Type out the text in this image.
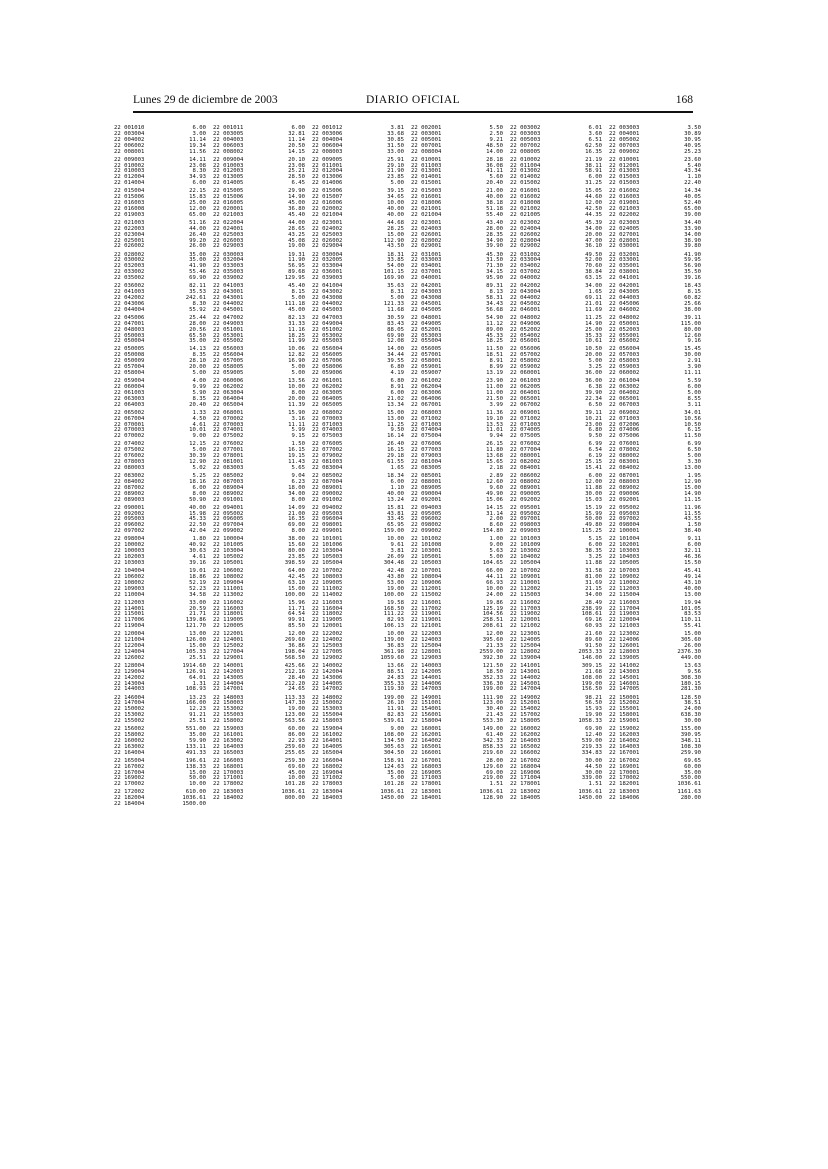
Lunes 29 de diciembre de 2003	DIARIO OFICIAL	168
22 001010	6.00
22 003004	3.00
22 004002	11.14
22 006002	19.34
22 008001	11.56
22 009003	14.11
22 010002	23.08
22 010003	8.30
22 012004	34.93
22 014004	6.00
22 015004	22.15
22 015006	15.83
22 016003	25.00
22 016008	12.00
22 019003	65.00
22 021003	51.16
22 022003	44.00
22 023004	26.40
22 025001	99.20
22 026002	26.00
22 028002	35.00
22 030002	35.00
22 032003	41.90
22 033002	55.46
22 035002	69.90
22 036002	82.11
22 041003	35.53
22 042002	242.61
22 043006	8.30
22 044004	55.92
22 045006	25.44
22 047001	28.00
22 048003	20.56
22 050003	65.50
22 050004	35.00
22 050005	14.13
22 050008	8.35
22 050009	28.10
22 057004	20.00
22 058004	5.00
22 059004	4.00
22 060004	9.99
22 061003	5.90
22 063003	8.35
22 064003	20.40
22 065002	1.33
22 067004	4.50
22 070001	4.61
22 070003	10.01
22 070002	9.00
22 074002	12.15
22 075002	5.00
22 076002	30.39
22 078003	12.90
22 080003	5.02
22 083002	5.25
22 084002	18.16
22 087002	6.00
22 089002	8.00
22 089003	50.90
22 090001	40.00
22 092002	15.98
22 095003	45.33
22 096002	22.50
22 097002	42.04
22 098004	1.80
22 100002	40.92
22 100003	30.63
22 102003	4.61
22 103003	39.16
22 104004	19.01
22 106002	18.86
22 108002	52.19
22 109003	52.23
22 110004	34.58
22 112003	33.00
22 114001	20.59
22 115001	21.71
22 117006	139.86
22 119004	121.70
22 120004	13.00
22 121004	126.00
22 122004	15.00
22 124004	105.33
22 126002	25.51
22 128004	1914.60
22 129004	126.91
22 142002	64.01
22 143004	1.31
22 144003	108.93
22 146004	13.23
22 147004	166.00
22 150002	12.23
22 153002	91.21
22 155002	25.51
22 156002	551.00
22 158002	35.00
22 160002	59.90
22 163002	133.11
22 164004	491.33
22 165004	196.61
22 167002	138.33
22 167004	15.00
22 169002	50.00
22 170002	10.00
22 172002	610.00
22 182004	1036.61
22 184004	1500.00
22 001011	6.00
22 003005	32.81
22 004003	11.14
22 006003	20.50
22 008002	14.15
22 009004	20.10
22 010003	23.08
22 012003	25.21
22 013005	28.50
22 014005	6.45
22 015005	29.90
22 015006	14.90
22 016005	45.00
22 020001	36.80
22 021003	45.40
22 022004	44.00
22 024001	28.65
22 025003	43.25
22 026003	45.08
22 029003	19.00
22 030003	19.31
22 032004	11.90
22 033003	56.95
22 035003	89.68
22 039002	129.95
22 041003	45.40
22 043001	8.15
22 043001	5.00
22 044002	111.18
22 045001	45.00
22 047002	82.13
22 049003	31.33
22 051001	11.16
22 053001	18.25
22 055002	11.99
22 056003	10.06
22 056004	12.82
22 057005	16.90
22 058005	5.00
22 059005	5.00
22 060006	13.56
22 062002	10.00
22 063004	8.00
22 064004	20.00
22 065004	11.39
22 068001	15.90
22 070002	3.16
22 070003	11.11
22 074001	5.99
22 075002	9.15
22 076002	1.50
22 077001	16.15
22 078001	19.15
22 081001	11.43
22 083003	5.65
22 085002	9.04
22 087003	6.23
22 089004	18.00
22 089002	34.00
22 091001	8.00
22 094001	14.09
22 095002	21.00
22 096005	16.35
22 097004	69.00
22 099002	8.00
22 100004	38.00
22 101005	15.60
22 103004	80.00
22 105002	23.85
22 105001	398.59
22 106002	64.00
22 108002	42.45
22 109004	63.10
22 111001	15.00
22 113002	100.00
22 116002	15.96
22 116003	11.71
22 118001	64.54
22 119005	99.91
22 120005	85.50
22 122001	12.00
22 124001	269.60
22 125002	36.86
22 127004	198.04
22 129001	568.50
22 140001	425.66
22 142003	212.16
22 143005	28.40
22 144004	212.20
22 147001	24.65
22 148003	113.33
22 150003	147.30
22 153002	19.00
22 155003	123.00
22 158002	563.56
22 159003	60.00
22 161001	86.00
22 163002	22.93
22 164003	259.60
22 165003	255.65
22 166003	259.30
22 168001	69.60
22 170003	45.00
22 171001	10.00
22 178002	101.28
22 183003	1036.61
22 184002	800.00
22 001012	3.81
22 003006	33.68
22 004004	30.85
22 006004	31.50
22 008003	33.00
22 009005	25.91
22 011001	29.10
22 012004	21.90
22 013006	23.85
22 014006	5.00
22 015006	39.15
22 015007	34.65
22 016006	10.00
22 020002	40.00
22 021004	40.00
22 023001	44.68
22 024002	28.25
22 025003	15.00
22 026002	112.90
22 029004	43.50
22 030004	18.31
22 032005	33.85
22 033004	54.00
22 036001	101.15
22 039003	169.90
22 041004	35.63
22 043002	8.31
22 043008	5.00
22 044002	121.33
22 045003	11.68
22 047003	30.59
22 049004	83.43
22 051002	88.05
22 053002	69.90
22 055003	12.08
22 056004	14.00
22 056005	34.44
22 057006	39.55
22 058006	6.80
22 059006	4.19
22 061001	6.80
22 062002	8.91
22 063005	6.00
22 064005	21.02
22 065005	13.34
22 068002	15.00
22 070003	13.00
22 071003	11.25
22 074003	9.50
22 075003	16.14
22 076005	26.40
22 077002	16.15
22 079002	29.18
22 081003	61.55
22 083004	1.65
22 085002	18.34
22 087004	6.00
22 089001	1.10
22 090002	40.00
22 091002	13.24
22 094002	15.81
22 095003	43.81
22 096004	33.45
22 098001	65.95
22 099001	159.00
22 101001	10.00
22 101006	9.61
22 103004	3.81
22 105003	26.09
22 105004	304.48
22 107002	42.48
22 108003	43.80
22 109005	53.00
22 111002	19.00
22 114002	100.00
22 116003	19.58
22 116004	168.50
22 118002	111.22
22 119005	82.93
22 120001	106.13
22 122002	10.00
22 124002	139.00
22 125003	36.83
22 127005	361.98
22 129002	1059.60
22 140002	13.66
22 142004	88.51
22 143006	24.83
22 144005	355.33
22 147002	119.30
22 148002	199.00
22 150002	26.10
22 153003	11.91
22 155004	82.83
22 158003	539.61
22 159004	9.00
22 161002	108.00
22 164001	134.50
22 164005	305.63
22 165004	304.50
22 166004	158.91
22 168002	124.63
22 169004	35.00
22 171002	5.00
22 178003	101.28
22 183004	1036.61
22 184003	1450.00
22 002001	5.50
22 003001	2.50
22 005001	9.21
22 007001	48.50
22 008004	14.00
22 010001	28.18
22 011003	36.08
22 013001	41.11
22 014001	5.60
22 015001	20.40
22 015003	21.00
22 016001	40.00
22 018006	38.18
22 021001	51.18
22 021004	55.40
22 023001	43.40
22 024003	28.00
22 026001	28.35
22 028002	34.90
22 029001	39.90
22 031001	45.30
22 033003	31.50
22 034001	71.30
22 037001	34.15
22 040001	95.90
22 042001	89.31
22 043003	8.13
22 043008	58.31
22 045001	34.43
22 045005	56.68
22 048001	54.90
22 049005	11.12
22 052001	89.00
22 053003	45.33
22 055004	18.25
22 056005	11.50
22 057001	18.51
22 058001	8.91
22 059001	8.99
22 059007	13.19
22 061002	23.90
22 062004	11.00
22 063006	11.00
22 064006	21.50
22 067001	3.99
22 068003	11.36
22 071002	19.10
22 071003	13.53
22 074004	11.01
22 075004	9.94
22 076006	26.15
22 077003	11.80
22 079003	13.68
22 081004	15.65
22 083005	2.18
22 085001	2.89
22 088001	12.60
22 089005	9.60
22 090004	49.90
22 092001	15.06
22 094003	14.15
22 095005	31.14
22 096002	2.00
22 098002	8.60
22 099002	154.80
22 101002	1.00
22 101008	9.00
22 103001	5.63
22 105001	5.00
22 105003	104.65
22 107001	66.00
22 108004	44.11
22 109006	66.93
22 112001	10.00
22 115002	24.00
22 116001	19.86
22 117002	125.19
22 119001	104.56
22 119001	258.51
22 121001	208.61
22 122003	12.00
22 124003	395.60
22 125004	21.33
22 128001	2559.00
22 129003	392.30
22 140003	121.50
22 142005	18.50
22 144001	352.33
22 144006	336.30
22 147003	199.00
22 149001	111.90
22 151001	123.00
22 154001	30.40
22 156001	21.43
22 158004	553.30
22 160001	149.00
22 162001	61.40
22 164002	342.33
22 165001	858.33
22 166001	219.60
22 167001	28.00
22 168003	129.60
22 169005	69.00
22 171003	219.00
22 178001	1.51
22 183001	1036.61
22 184001	128.90
22 003002	6.01
22 003003	3.60
22 005003	6.51
22 007002	62.50
22 008005	16.35
22 010002	21.19
22 011004	38.11
22 013002	58.91
22 014002	6.00
22 015002	31.25
22 016001	15.05
22 016002	44.60
22 018008	12.00
22 021002	42.50
22 021005	44.35
22 023002	45.39
22 024004	34.00
22 026002	20.00
22 028004	47.00
22 029002	36.10
22 031002	49.50
22 033004	52.00
22 034002	70.60
22 037002	38.84
22 040002	63.15
22 042002	34.00
22 043004	1.65
22 044002	69.11
22 045002	21.01
22 046001	11.69
22 048002	11.25
22 049006	14.90
22 052002	25.00
22 054002	35.33
22 056001	10.61
22 056006	10.50
22 057002	20.00
22 058002	5.00
22 059002	3.25
22 060001	36.00
22 061003	36.00
22 062005	6.38
22 064001	39.90
22 065001	22.34
22 067002	6.50
22 069001	39.11
22 071002	10.21
22 071003	23.00
22 074005	6.80
22 075005	9.50
22 076002	6.99
22 077004	6.54
22 080001	6.19
22 082002	25.15
22 084001	15.41
22 086002	6.00
22 088002	12.00
22 089001	11.88
22 090005	30.00
22 092002	15.03
22 095001	15.19
22 095002	15.99
22 097001	50.00
22 098003	49.80
22 099003	115.25
22 101003	5.15
22 101009	6.00
22 103002	38.35
22 104002	3.25
22 105004	11.88
22 107002	31.58
22 109001	81.00
22 110001	31.69
22 112002	21.15
22 115003	34.00
22 116002	28.49
22 117003	238.99
22 119002	108.61
22 120001	69.16
22 121002	60.93
22 123001	21.60
22 124005	89.60
22 125004	91.50
22 128002	2053.33
22 139004	146.00
22 141001	309.15
22 143001	21.68
22 144002	108.00
22 145001	199.00
22 147004	156.50
22 149002	98.21
22 152001	56.50
22 154002	15.93
22 157002	19.90
22 158005	1058.33
22 160002	69.90
22 162002	12.40
22 164003	539.00
22 165002	219.33
22 166002	334.83
22 167002	30.00
22 168004	44.50
22 169006	30.00
22 171004	339.00
22 178001	1.51
22 183002	1036.61
22 184005	1450.00
22 003003	3.50
22 004001	30.89
22 005002	30.95
22 007003	40.95
22 009002	25.23
22 010001	23.60
22 012001	5.40
22 013003	43.34
22 015003	1.10
22 015003	22.40
22 016002	14.34
22 016003	40.05
22 019001	52.40
22 021003	65.00
22 022002	39.00
22 023003	34.40
22 024005	33.90
22 027001	34.00
22 028001	38.90
22 030001	39.80
22 032001	41.90
22 033001	59.95
22 035001	56.90
22 038001	35.50
22 041001	39.16
22 042001	18.43
22 043005	8.15
22 044003	60.82
22 045006	25.66
22 046002	38.00
22 048002	39.11
22 050001	115.00
22 052003	80.00
22 055001	12.60
22 056002	9.16
22 056004	15.45
22 057003	30.00
22 058003	2.91
22 059003	3.90
22 060002	11.11
22 061004	5.59
22 063002	6.00
22 064002	5.00
22 065001	8.55
22 067003	3.11
22 069002	34.01
22 071003	10.56
22 072006	10.50
22 074006	6.15
22 075006	11.50
22 076001	6.99
22 078002	6.50
22 080002	5.00
22 083001	3.30
22 084002	13.00
22 087001	1.95
22 088003	12.90
22 089002	15.00
22 090006	14.90
22 092001	11.15
22 095002	11.96
22 095003	11.55
22 097002	43.55
22 098004	1.50
22 100001	38.40
22 101004	9.11
22 102001	6.00
22 103003	32.11
22 104003	46.36
22 105005	15.50
22 107003	45.41
22 109002	49.14
22 110002	43.10
22 112003	40.00
22 115004	13.00
22 116003	19.94
22 117004	101.05
22 119003	83.53
22 120004	110.11
22 121003	55.41
22 123002	15.00
22 124006	305.60
22 126001	26.00
22 128003	2376.30
22 139005	449.00
22 141002	13.63
22 143003	9.56
22 145001	308.30
22 146001	180.15
22 147005	281.30
22 150001	128.50
22 152002	38.51
22 155001	24.00
22 158001	638.30
22 159001	30.00
22 159002	155.00
22 162003	390.95
22 164002	348.11
22 164003	108.30
22 167001	259.90
22 167002	69.65
22 169001	60.00
22 170001	35.00
22 170002	550.00
22 182001	1036.61
22 183003	1161.63
22 184006	280.00
